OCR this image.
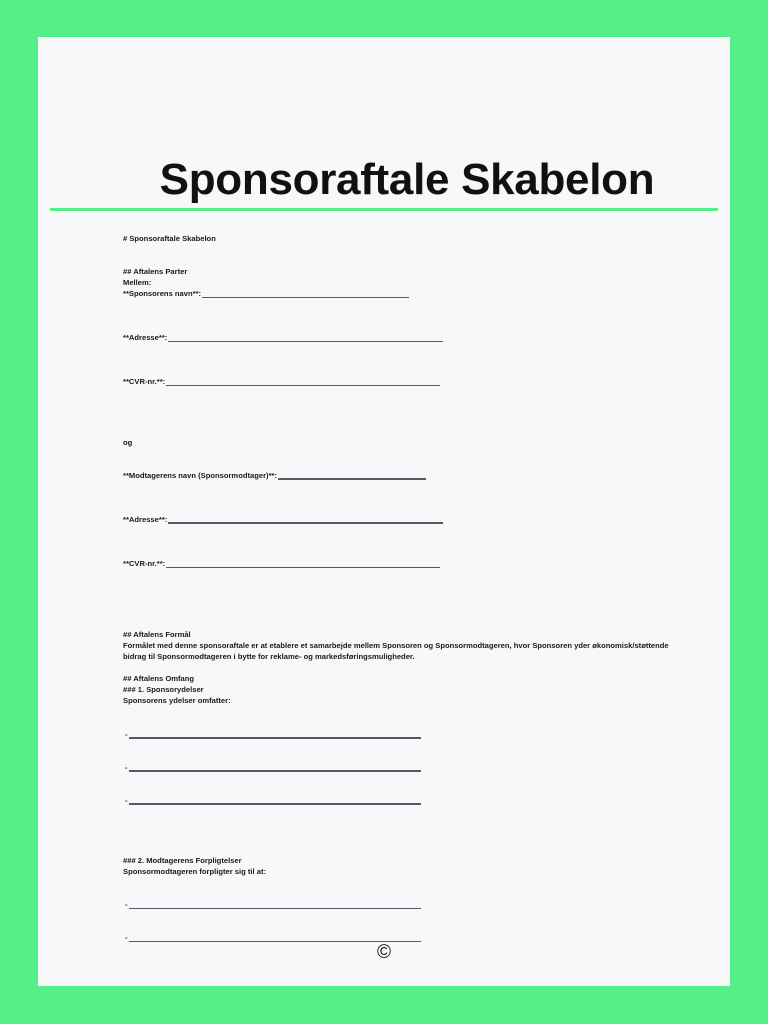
Sponsoraftale Skabelon
# Sponsoraftale Skabelon
## Aftalens Parter
Mellem:
**Sponsorens navn**:
**Adresse**:
**CVR-nr.**:
og
**Modtagerens navn (Sponsormodtager)**:
**Adresse**:
**CVR-nr.**:
## Aftalens Formål
Formålet med denne sponsoraftale er at etablere et samarbejde mellem Sponsoren og Sponsormodtageren, hvor Sponsoren yder økonomisk/støttende bidrag til Sponsormodtageren i bytte for reklame- og markedsføringsmuligheder.
## Aftalens Omfang
### 1. Sponsorydelser
Sponsorens ydelser omfatter:
-
-
-
### 2. Modtagerens Forpligtelser
Sponsormodtageren forpligter sig til at:
-
-
©
